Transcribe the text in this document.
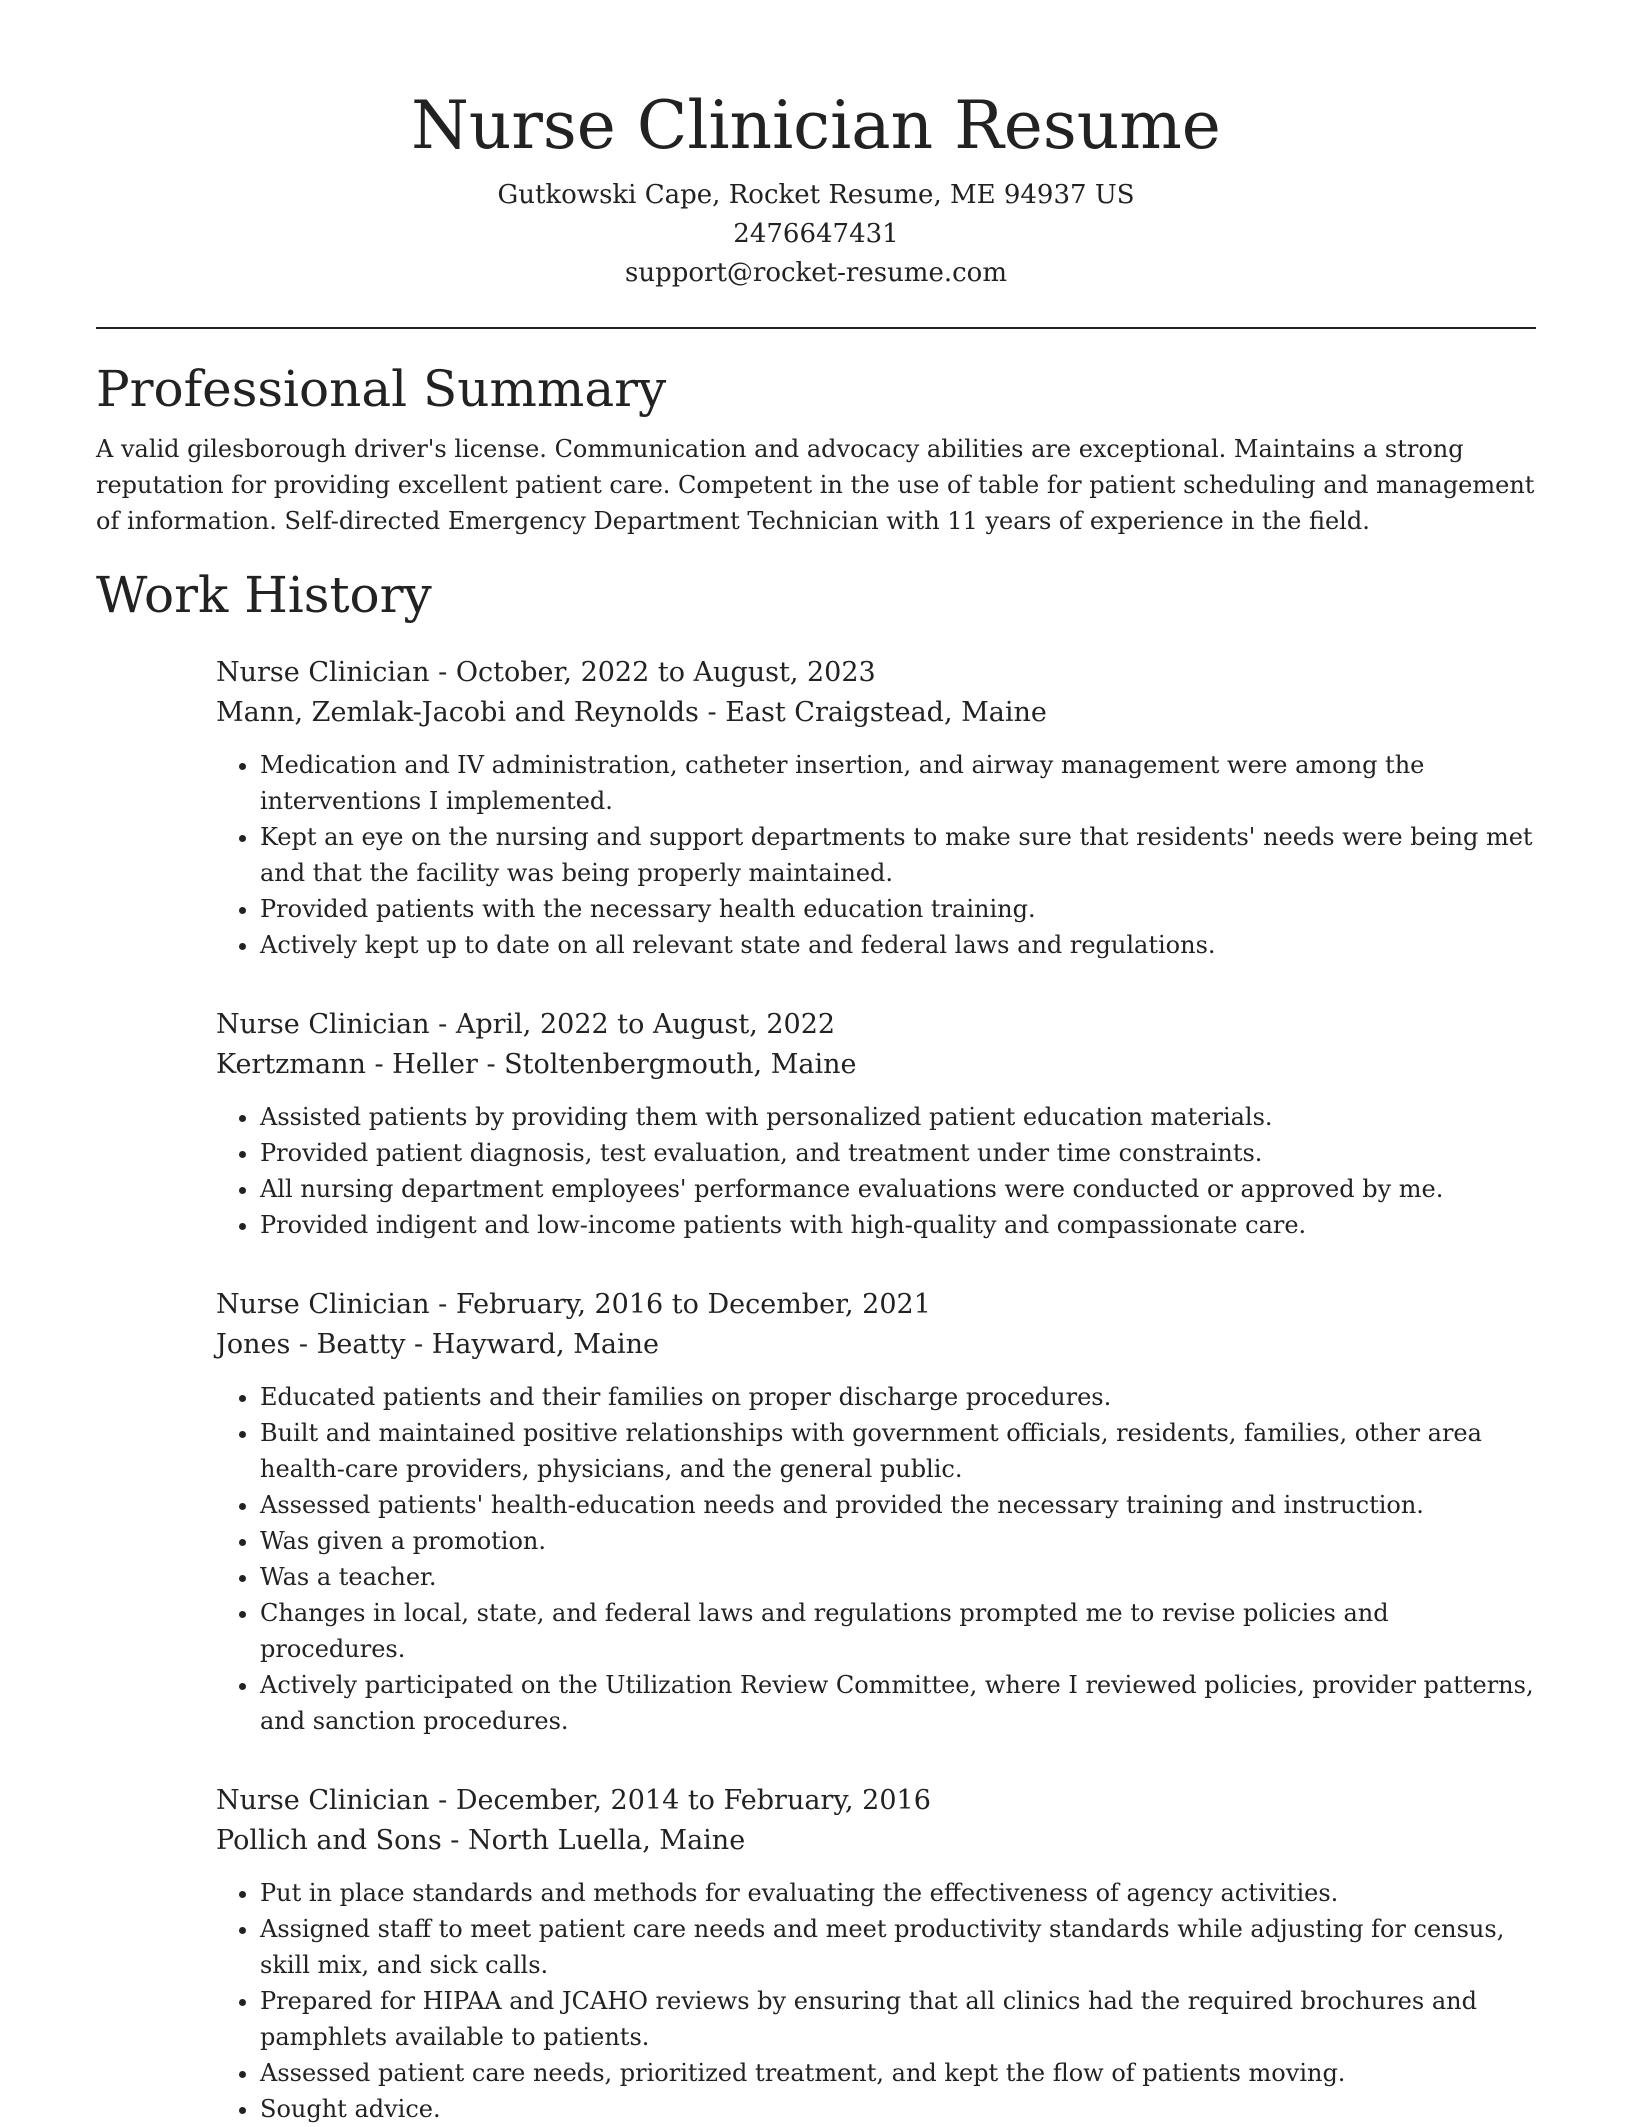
Nurse Clinician Resume
Gutkowski Cape, Rocket Resume, ME 94937 US
2476647431
support@rocket-resume.com
Professional Summary

A valid gilesborough driver's license. Communication and advocacy abilities are exceptional. Maintains a strong reputation for providing excellent patient care. Competent in the use of table for patient scheduling and management of information. Self-directed Emergency Department Technician with 11 years of experience in the field.

Work History
Nurse Clinician - October, 2022 to August, 2023
Mann, Zemlak-Jacobi and Reynolds - East Craigstead, Maine
• Medication and IV administration, catheter insertion, and airway management were among the interventions I implemented.
• Kept an eye on the nursing and support departments to make sure that residents' needs were being met and that the facility was being properly maintained.
• Provided patients with the necessary health education training.
• Actively kept up to date on all relevant state and federal laws and regulations.
Nurse Clinician - April, 2022 to August, 2022
Kertzmann - Heller - Stoltenbergmouth, Maine
• Assisted patients by providing them with personalized patient education materials.
• Provided patient diagnosis, test evaluation, and treatment under time constraints.
• All nursing department employees' performance evaluations were conducted or approved by me.
• Provided indigent and low-income patients with high-quality and compassionate care.
Nurse Clinician - February, 2016 to December, 2021
Jones - Beatty - Hayward, Maine
• Educated patients and their families on proper discharge procedures.
• Built and maintained positive relationships with government officials, residents, families, other area health-care providers, physicians, and the general public.
• Assessed patients' health-education needs and provided the necessary training and instruction.
• Was given a promotion.
• Was a teacher.
• Changes in local, state, and federal laws and regulations prompted me to revise policies and procedures.
• Actively participated on the Utilization Review Committee, where I reviewed policies, provider patterns, and sanction procedures.
Nurse Clinician - December, 2014 to February, 2016
Pollich and Sons - North Luella, Maine
• Put in place standards and methods for evaluating the effectiveness of agency activities.
• Assigned staff to meet patient care needs and meet productivity standards while adjusting for census, skill mix, and sick calls.
• Prepared for HIPAA and JCAHO reviews by ensuring that all clinics had the required brochures and pamphlets available to patients.
• Assessed patient care needs, prioritized treatment, and kept the flow of patients moving.
• Sought advice.
